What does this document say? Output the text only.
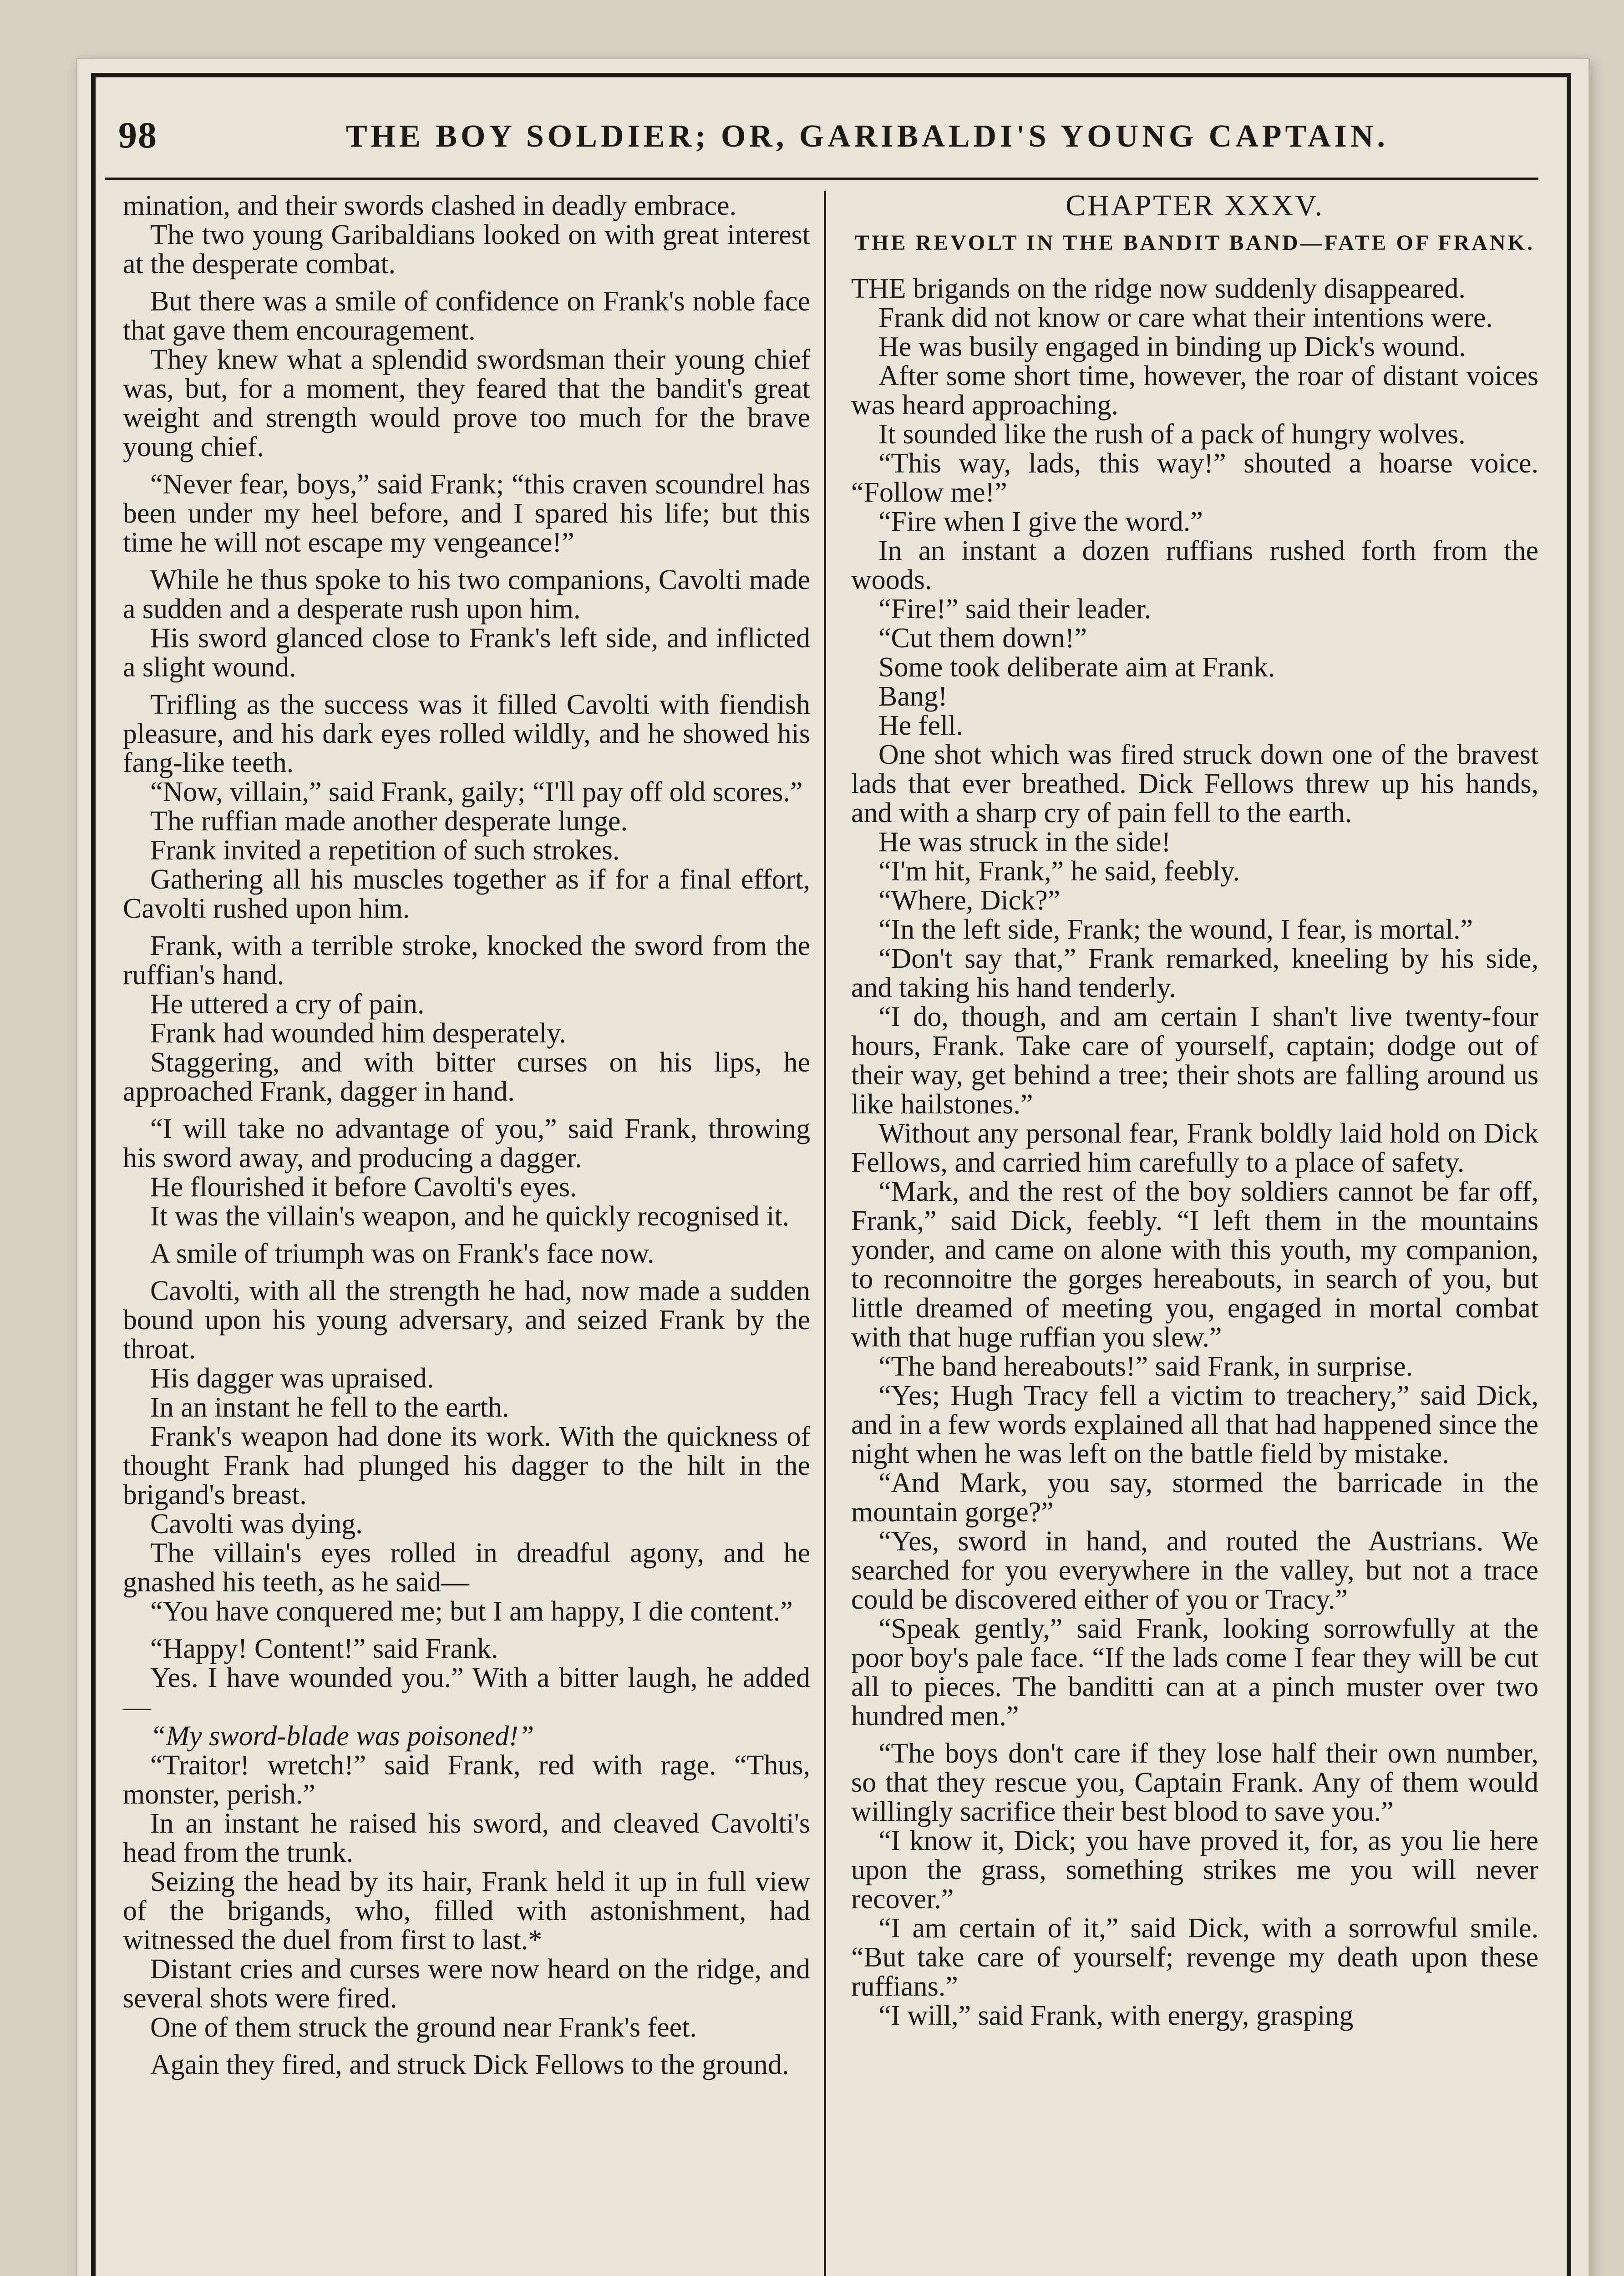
98	THE BOY SOLDIER; OR, GARIBALDI'S YOUNG CAPTAIN.

mination, and their swords clashed in deadly embrace.

The two young Garibaldians looked on with great interest at the desperate combat.

But there was a smile of confidence on Frank's noble face that gave them encouragement.

They knew what a splendid swordsman their young chief was, but, for a moment, they feared that the bandit's great weight and strength would prove too much for the brave young chief.

“Never fear, boys,” said Frank; “this craven scoundrel has been under my heel before, and I spared his life; but this time he will not escape my vengeance!”

While he thus spoke to his two companions, Cavolti made a sudden and a desperate rush upon him.

His sword glanced close to Frank's left side, and inflicted a slight wound.

Trifling as the success was it filled Cavolti with fiendish pleasure, and his dark eyes rolled wildly, and he showed his fang-like teeth.

“Now, villain,” said Frank, gaily; “I'll pay off old scores.”

The ruffian made another desperate lunge.

Frank invited a repetition of such strokes.

Gathering all his muscles together as if for a final effort, Cavolti rushed upon him.

Frank, with a terrible stroke, knocked the sword from the ruffian's hand.

He uttered a cry of pain.

Frank had wounded him desperately.

Staggering, and with bitter curses on his lips, he approached Frank, dagger in hand.

“I will take no advantage of you,” said Frank, throwing his sword away, and producing a dagger.

He flourished it before Cavolti's eyes.

It was the villain's weapon, and he quickly recognised it.

A smile of triumph was on Frank's face now.

Cavolti, with all the strength he had, now made a sudden bound upon his young adversary, and seized Frank by the throat.

His dagger was upraised.

In an instant he fell to the earth.

Frank's weapon had done its work. With the quickness of thought Frank had plunged his dagger to the hilt in the brigand's breast.

Cavolti was dying.

The villain's eyes rolled in dreadful agony, and he gnashed his teeth, as he said—

“You have conquered me; but I am happy, I die content.”

“Happy! Content!” said Frank.

Yes. I have wounded you.” With a bitter laugh, he added—

“My sword-blade was poisoned!”

“Traitor! wretch!” said Frank, red with rage. “Thus, monster, perish.”

In an instant he raised his sword, and cleaved Cavolti's head from the trunk.

Seizing the head by its hair, Frank held it up in full view of the brigands, who, filled with astonishment, had witnessed the duel from first to last.*

Distant cries and curses were now heard on the ridge, and several shots were fired.

One of them struck the ground near Frank's feet.

Again they fired, and struck Dick Fellows to the ground.

CHAPTER XXXV.
THE REVOLT IN THE BANDIT BAND—FATE OF FRANK.

THE brigands on the ridge now suddenly disappeared.

Frank did not know or care what their intentions were.

He was busily engaged in binding up Dick's wound.

After some short time, however, the roar of distant voices was heard approaching.

It sounded like the rush of a pack of hungry wolves.

“This way, lads, this way!” shouted a hoarse voice. “Follow me!”

“Fire when I give the word.”

In an instant a dozen ruffians rushed forth from the woods.

“Fire!” said their leader.

“Cut them down!”

Some took deliberate aim at Frank.

Bang!

He fell.

One shot which was fired struck down one of the bravest lads that ever breathed. Dick Fellows threw up his hands, and with a sharp cry of pain fell to the earth.

He was struck in the side!

“I'm hit, Frank,” he said, feebly.

“Where, Dick?”

“In the left side, Frank; the wound, I fear, is mortal.”

“Don't say that,” Frank remarked, kneeling by his side, and taking his hand tenderly.

“I do, though, and am certain I shan't live twenty-four hours, Frank. Take care of yourself, captain; dodge out of their way, get behind a tree; their shots are falling around us like hailstones.”

Without any personal fear, Frank boldly laid hold on Dick Fellows, and carried him carefully to a place of safety.

“Mark, and the rest of the boy soldiers cannot be far off, Frank,” said Dick, feebly. “I left them in the mountains yonder, and came on alone with this youth, my companion, to reconnoitre the gorges hereabouts, in search of you, but little dreamed of meeting you, engaged in mortal combat with that huge ruffian you slew.”

“The band hereabouts!” said Frank, in surprise.

“Yes; Hugh Tracy fell a victim to treachery,” said Dick, and in a few words explained all that had happened since the night when he was left on the battle field by mistake.

“And Mark, you say, stormed the barricade in the mountain gorge?”

“Yes, sword in hand, and routed the Austrians. We searched for you everywhere in the valley, but not a trace could be discovered either of you or Tracy.”

“Speak gently,” said Frank, looking sorrowfully at the poor boy's pale face. “If the lads come I fear they will be cut all to pieces. The banditti can at a pinch muster over two hundred men.”

“The boys don't care if they lose half their own number, so that they rescue you, Captain Frank. Any of them would willingly sacrifice their best blood to save you.”

“I know it, Dick; you have proved it, for, as you lie here upon the grass, something strikes me you will never recover.”

“I am certain of it,” said Dick, with a sorrowful smile. “But take care of yourself; revenge my death upon these ruffians.”

“I will,” said Frank, with energy, grasping
